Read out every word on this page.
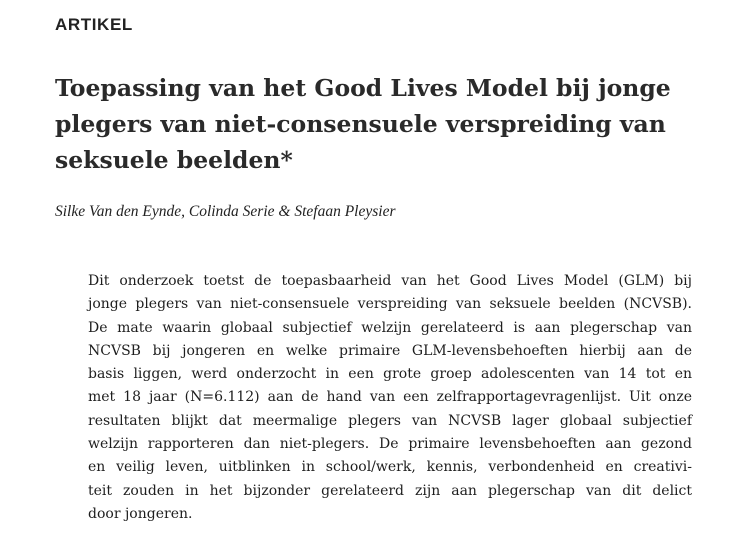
ARTIKEL
Toepassing van het Good Lives Model bij jonge plegers van niet-consensuele verspreiding van seksuele beelden*
Silke Van den Eynde, Colinda Serie & Stefaan Pleysier
Dit onderzoek toetst de toepasbaarheid van het Good Lives Model (GLM) bij
jonge plegers van niet-consensuele verspreiding van seksuele beelden (NCVSB).
De mate waarin globaal subjectief welzijn gerelateerd is aan plegerschap van
NCVSB bij jongeren en welke primaire GLM-levensbehoeften hierbij aan de
basis liggen, werd onderzocht in een grote groep adolescenten van 14 tot en
met 18 jaar (N=6.112) aan de hand van een zelfrapportagevragenlijst. Uit onze
resultaten blijkt dat meermalige plegers van NCVSB lager globaal subjectief
welzijn rapporteren dan niet-plegers. De primaire levensbehoeften aan gezond
en veilig leven, uitblinken in school/werk, kennis, verbondenheid en creativi-
teit zouden in het bijzonder gerelateerd zijn aan plegerschap van dit delict
door jongeren.
